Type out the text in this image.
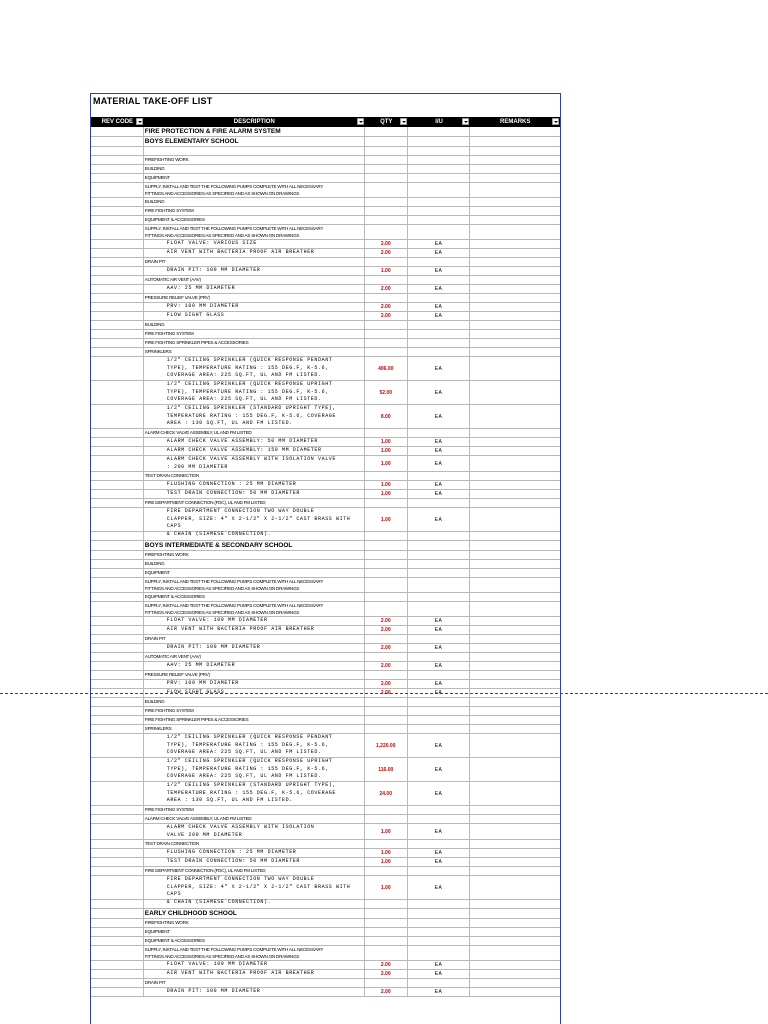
MATERIAL TAKE-OFF LIST
REV CODE	DESCRIPTION	QTY	I/U	REMARKS
FIRE PROTECTION & FIRE ALARM SYSTEM
BOYS ELEMENTARY SCHOOL
FIREFIGHTING WORK
BUILDING
EQUIPMENT
SUPPLY, INSTALL AND TEST THE FOLLOWING PUMPS COMPLETE WITH ALL NECESSARY
FITTINGS AND ACCESSORIES AS SPECIFIED AND AS SHOWN ON DRAWINGS
BUILDING
FIRE FIGHTING SYSTEM
EQUIPMENT & ACCESSORIES
SUPPLY, INSTALL AND TEST THE FOLLOWING PUMPS COMPLETE WITH ALL NECESSARY
FITTINGS AND ACCESSORIES AS SPECIFIED AND AS SHOWN ON DRAWINGS
FLOAT VALVE: VARIOUS SIZE	2.00	EA
AIR VENT WITH BACTERIA PROOF AIR BREATHER	2.00	EA
DRAIN PIT
DRAIN PIT: 100 MM DIAMETER	1.00	EA
AUTOMATIC AIR VENT (AAV)
AAV: 25 MM DIAMETER	2.00	EA
PRESSURE RELIEF VALVE (PRV)
PRV: 100 MM DIAMETER	2.00	EA
FLOW SIGHT GLASS	2.00	EA
BUILDING
FIRE FIGHTING SYSTEM
FIRE FIGHTING SPRINKLER PIPES & ACCESSORIES
SPRINKLERS
1/2" CEILING SPRINKLER (QUICK RESPONSE PENDANT
TYPE), TEMPERATURE RATING : 155 DEG.F, K-5.6,
COVERAGE AREA: 225 SQ.FT, UL AND FM LISTED.
406.00	EA
1/2" CEILING SPRINKLER (QUICK RESPONSE UPRIGHT
TYPE), TEMPERATURE RATING : 155 DEG.F, K-5.6,
COVERAGE AREA: 225 SQ.FT, UL AND FM LISTED.
52.00	EA
1/2" CEILING SPRINKLER (STANDARD UPRIGHT TYPE),
TEMPERATURE RATING : 155 DEG.F, K-5.6, COVERAGE
AREA : 130 SQ.FT, UL AND FM LISTED.
8.00	EA
ALARM CHECK VALVE ASSEMBLY, UL AND FM LISTED
ALARM CHECK VALVE ASSEMBLY: 50 MM DIAMETER	1.00	EA
ALARM CHECK VALVE ASSEMBLY: 150 MM DIAMETER	1.00	EA
ALARM CHECK VALVE ASSEMBLY WITH ISOLATION VALVE
: 200 MM DIAMETER	1.00	EA
TEST DRAIN CONNECTION
FLUSHING CONNECTION : 25 MM DIAMETER	1.00	EA
TEST DRAIN CONNECTION: 50 MM DIAMETER	1.00	EA
FIRE DEPARTMENT CONNECTION (FDC), UL AND FM LISTED
FIRE DEPARTMENT CONNECTION TWO WAY DOUBLE
CLAPPER, SIZE: 4" X 2-1/2" X 2-1/2" CAST BRASS WITH CAPS
& CHAIN (SIAMESE CONNECTION).
1.00	EA
BOYS INTERMEDIATE & SECONDARY SCHOOL
FIREFIGHTING WORK
BUILDING
EQUIPMENT
SUPPLY, INSTALL AND TEST THE FOLLOWING PUMPS COMPLETE WITH ALL NECESSARY
FITTINGS AND ACCESSORIES AS SPECIFIED AND AS SHOWN ON DRAWINGS
EQUIPMENT & ACCESSORIES
SUPPLY, INSTALL AND TEST THE FOLLOWING PUMPS COMPLETE WITH ALL NECESSARY
FITTINGS AND ACCESSORIES AS SPECIFIED AND AS SHOWN ON DRAWINGS
FLOAT VALVE: 100 MM DIAMETER	2.00	EA
AIR VENT WITH BACTERIA PROOF AIR BREATHER	2.00	EA
DRAIN PIT
DRAIN PIT: 100 MM DIAMETER	2.00	EA
AUTOMATIC AIR VENT (AAV)
AAV: 25 MM DIAMETER	2.00	EA
PRESSURE RELIEF VALVE (PRV)
PRV: 100 MM DIAMETER	2.00	EA
FLOW SIGHT GLASS	2.00	EA
BUILDING
FIRE FIGHTING SYSTEM
FIRE FIGHTING SPRINKLER PIPES & ACCESSORIES
SPRINKLERS
1/2" CEILING SPRINKLER (QUICK RESPONSE PENDANT
TYPE), TEMPERATURE RATING : 155 DEG.F, K-5.6,
COVERAGE AREA: 225 SQ.FT, UL AND FM LISTED.
1,220.00	EA
1/2" CEILING SPRINKLER (QUICK RESPONSE UPRIGHT
TYPE), TEMPERATURE RATING : 155 DEG.F, K-5.6,
COVERAGE AREA: 225 SQ.FT, UL AND FM LISTED.
116.00	EA
1/2" CEILING SPRINKLER (STANDARD UPRIGHT TYPE),
TEMPERATURE RATING : 155 DEG.F, K-5.6, COVERAGE
AREA : 130 SQ.FT, UL AND FM LISTED.
24.00	EA
FIRE FIGHTING SYSTEM
ALARM CHECK VALVE ASSEMBLY, UL AND FM LISTED
ALARM CHECK VALVE ASSEMBLY WITH ISOLATION
VALVE 200 MM DIAMETER	1.00	EA
TEST DRAIN CONNECTION
FLUSHING CONNECTION : 25 MM DIAMETER	1.00	EA
TEST DRAIN CONNECTION: 50 MM DIAMETER	1.00	EA
FIRE DEPARTMENT CONNECTION (FDC), UL AND FM LISTED
FIRE DEPARTMENT CONNECTION TWO WAY DOUBLE
CLAPPER, SIZE: 4" X 2-1/2" X 2-1/2" CAST BRASS WITH CAPS
& CHAIN (SIAMESE CONNECTION).
1.00	EA
EARLY CHILDHOOD SCHOOL
FIREFIGHTING WORK
EQUIPMENT
EQUIPMENT & ACCESSORIES
SUPPLY, INSTALL AND TEST THE FOLLOWING PUMPS COMPLETE WITH ALL NECESSARY
FITTINGS AND ACCESSORIES AS SPECIFIED AND AS SHOWN ON DRAWINGS
FLOAT VALVE: 100 MM DIAMETER	2.00	EA
AIR VENT WITH BACTERIA PROOF AIR BREATHER	2.00	EA
DRAIN PIT
DRAIN PIT: 100 MM DIAMETER	2.00	EA
